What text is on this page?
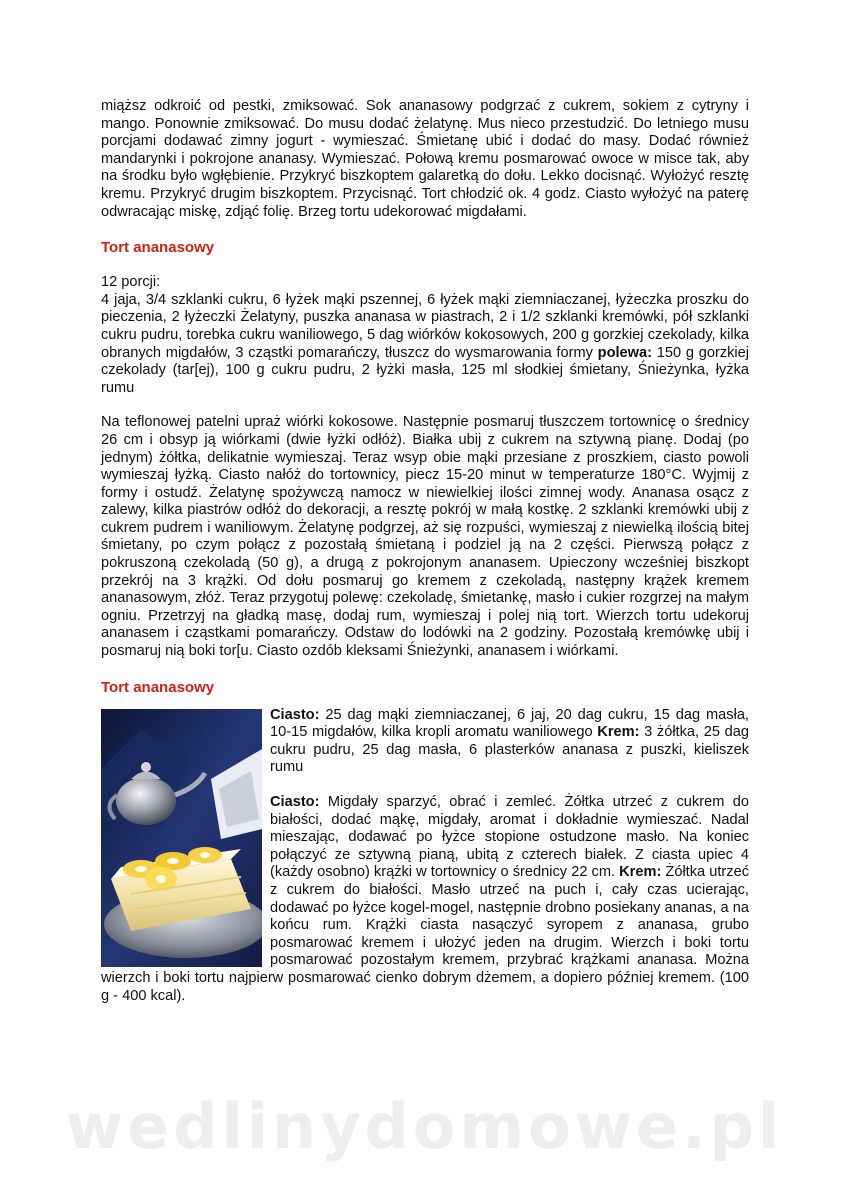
miąższ odkroić od pestki, zmiksować. Sok ananasowy podgrzać z cukrem, sokiem z cytryny i mango. Ponownie zmiksować. Do musu dodać żelatynę. Mus nieco przestudzić. Do letniego musu porcjami dodawać zimny jogurt - wymieszać. Śmietanę ubić i dodać do masy. Dodać również mandarynki i pokrojone ananasy. Wymieszać. Połową kremu posmarować owoce w misce tak, aby na środku było wgłębienie. Przykryć biszkoptem galaretką do dołu. Lekko docisnąć. Wyłożyć resztę kremu. Przykryć drugim biszkoptem. Przycisnąć. Tort chłodzić ok. 4 godz. Ciasto wyłożyć na paterę odwracając miskę, zdjąć folię. Brzeg tortu udekorować migdałami.

Tort ananasowy

12 porcji:

4 jaja, 3/4 szklanki cukru, 6 łyżek mąki pszennej, 6 łyżek mąki ziemniaczanej, łyżeczka proszku do pieczenia, 2 łyżeczki Żelatyny, puszka ananasa w piastrach, 2 i 1/2 szklanki kremówki, pół szklanki cukru pudru, torebka cukru waniliowego, 5 dag wiórków kokosowych, 200 g gorzkiej czekolady, kilka obranych migdałów, 3 cząstki pomarańczy, tłuszcz do wysmarowania formy polewa: 150 g gorzkiej czekolady (tar[ej), 100 g cukru pudru, 2 łyżki masła, 125 ml słodkiej śmietany, Śnieżynka, łyżka rumu

Na teflonowej patelni upraż wiórki kokosowe. Następnie posmaruj tłuszczem tortownicę o średnicy 26 cm i obsyp ją wiórkami (dwie łyżki odłóż). Białka ubij z cukrem na sztywną pianę. Dodaj (po jednym) żółtka, delikatnie wymieszaj. Teraz wsyp obie mąki przesiane z proszkiem, ciasto powoli wymieszaj łyżką. Ciasto nałóż do tortownicy, piecz 15-20 minut w temperaturze 180°C. Wyjmij z formy i ostudź. Żelatynę spożywczą namocz w niewielkiej ilości zimnej wody. Ananasa osącz z zalewy, kilka piastrów odłóż do dekoracji, a resztę pokrój w małą kostkę. 2 szklanki kremówki ubij z cukrem pudrem i waniliowym. Żelatynę podgrzej, aż się rozpuści, wymieszaj z niewielką ilością bitej śmietany, po czym połącz z pozostałą śmietaną i podziel ją na 2 części. Pierwszą połącz z pokruszoną czekoladą (50 g), a drugą z pokrojonym ananasem. Upieczony wcześniej biszkopt przekrój na 3 krążki. Od dołu posmaruj go kremem z czekoladą, następny krążek kremem ananasowym, złóż. Teraz przygotuj polewę: czekoladę, śmietankę, masło i cukier rozgrzej na małym ogniu. Przetrzyj na gładką masę, dodaj rum, wymieszaj i polej nią tort. Wierzch tortu udekoruj ananasem i cząstkami pomarańczy. Odstaw do lodówki na 2 godziny. Pozostałą kremówkę ubij i posmaruj nią boki tor[u. Ciasto ozdób kleksami Śnieżynki, ananasem i wiórkami.

Tort ananasowy

Ciasto: 25 dag mąki ziemniaczanej, 6 jaj, 20 dag cukru, 15 dag masła, 10-15 migdałów, kilka kropli aromatu waniliowego Krem: 3 żółtka, 25 dag cukru pudru, 25 dag masła, 6 plasterków ananasa z puszki, kieliszek rumu

Ciasto: Migdały sparzyć, obrać i zemleć. Żółtka utrzeć z cukrem do białości, dodać mąkę, migdały, aromat i dokładnie wymieszać. Nadal mieszając, dodawać po łyżce stopione ostudzone masło. Na koniec połączyć ze sztywną pianą, ubitą z czterech białek. Z ciasta upiec 4 (każdy osobno) krążki w tortownicy o średnicy 22 cm. Krem: Żółtka utrzeć z cukrem do białości. Masło utrzeć na puch i, cały czas ucierając, dodawać po łyżce kogel-mogel, następnie drobno posiekany ananas, a na końcu rum. Krążki ciasta nasączyć syropem z ananasa, grubo posmarować kremem i ułożyć jeden na drugim. Wierzch i boki tortu posmarować pozostałym kremem, przybrać krążkami ananasa. Można wierzch i boki tortu najpierw posmarować cienko dobrym dżemem, a dopiero później kremem. (100 g - 400 kcal).

wedlinydomowe.pl
